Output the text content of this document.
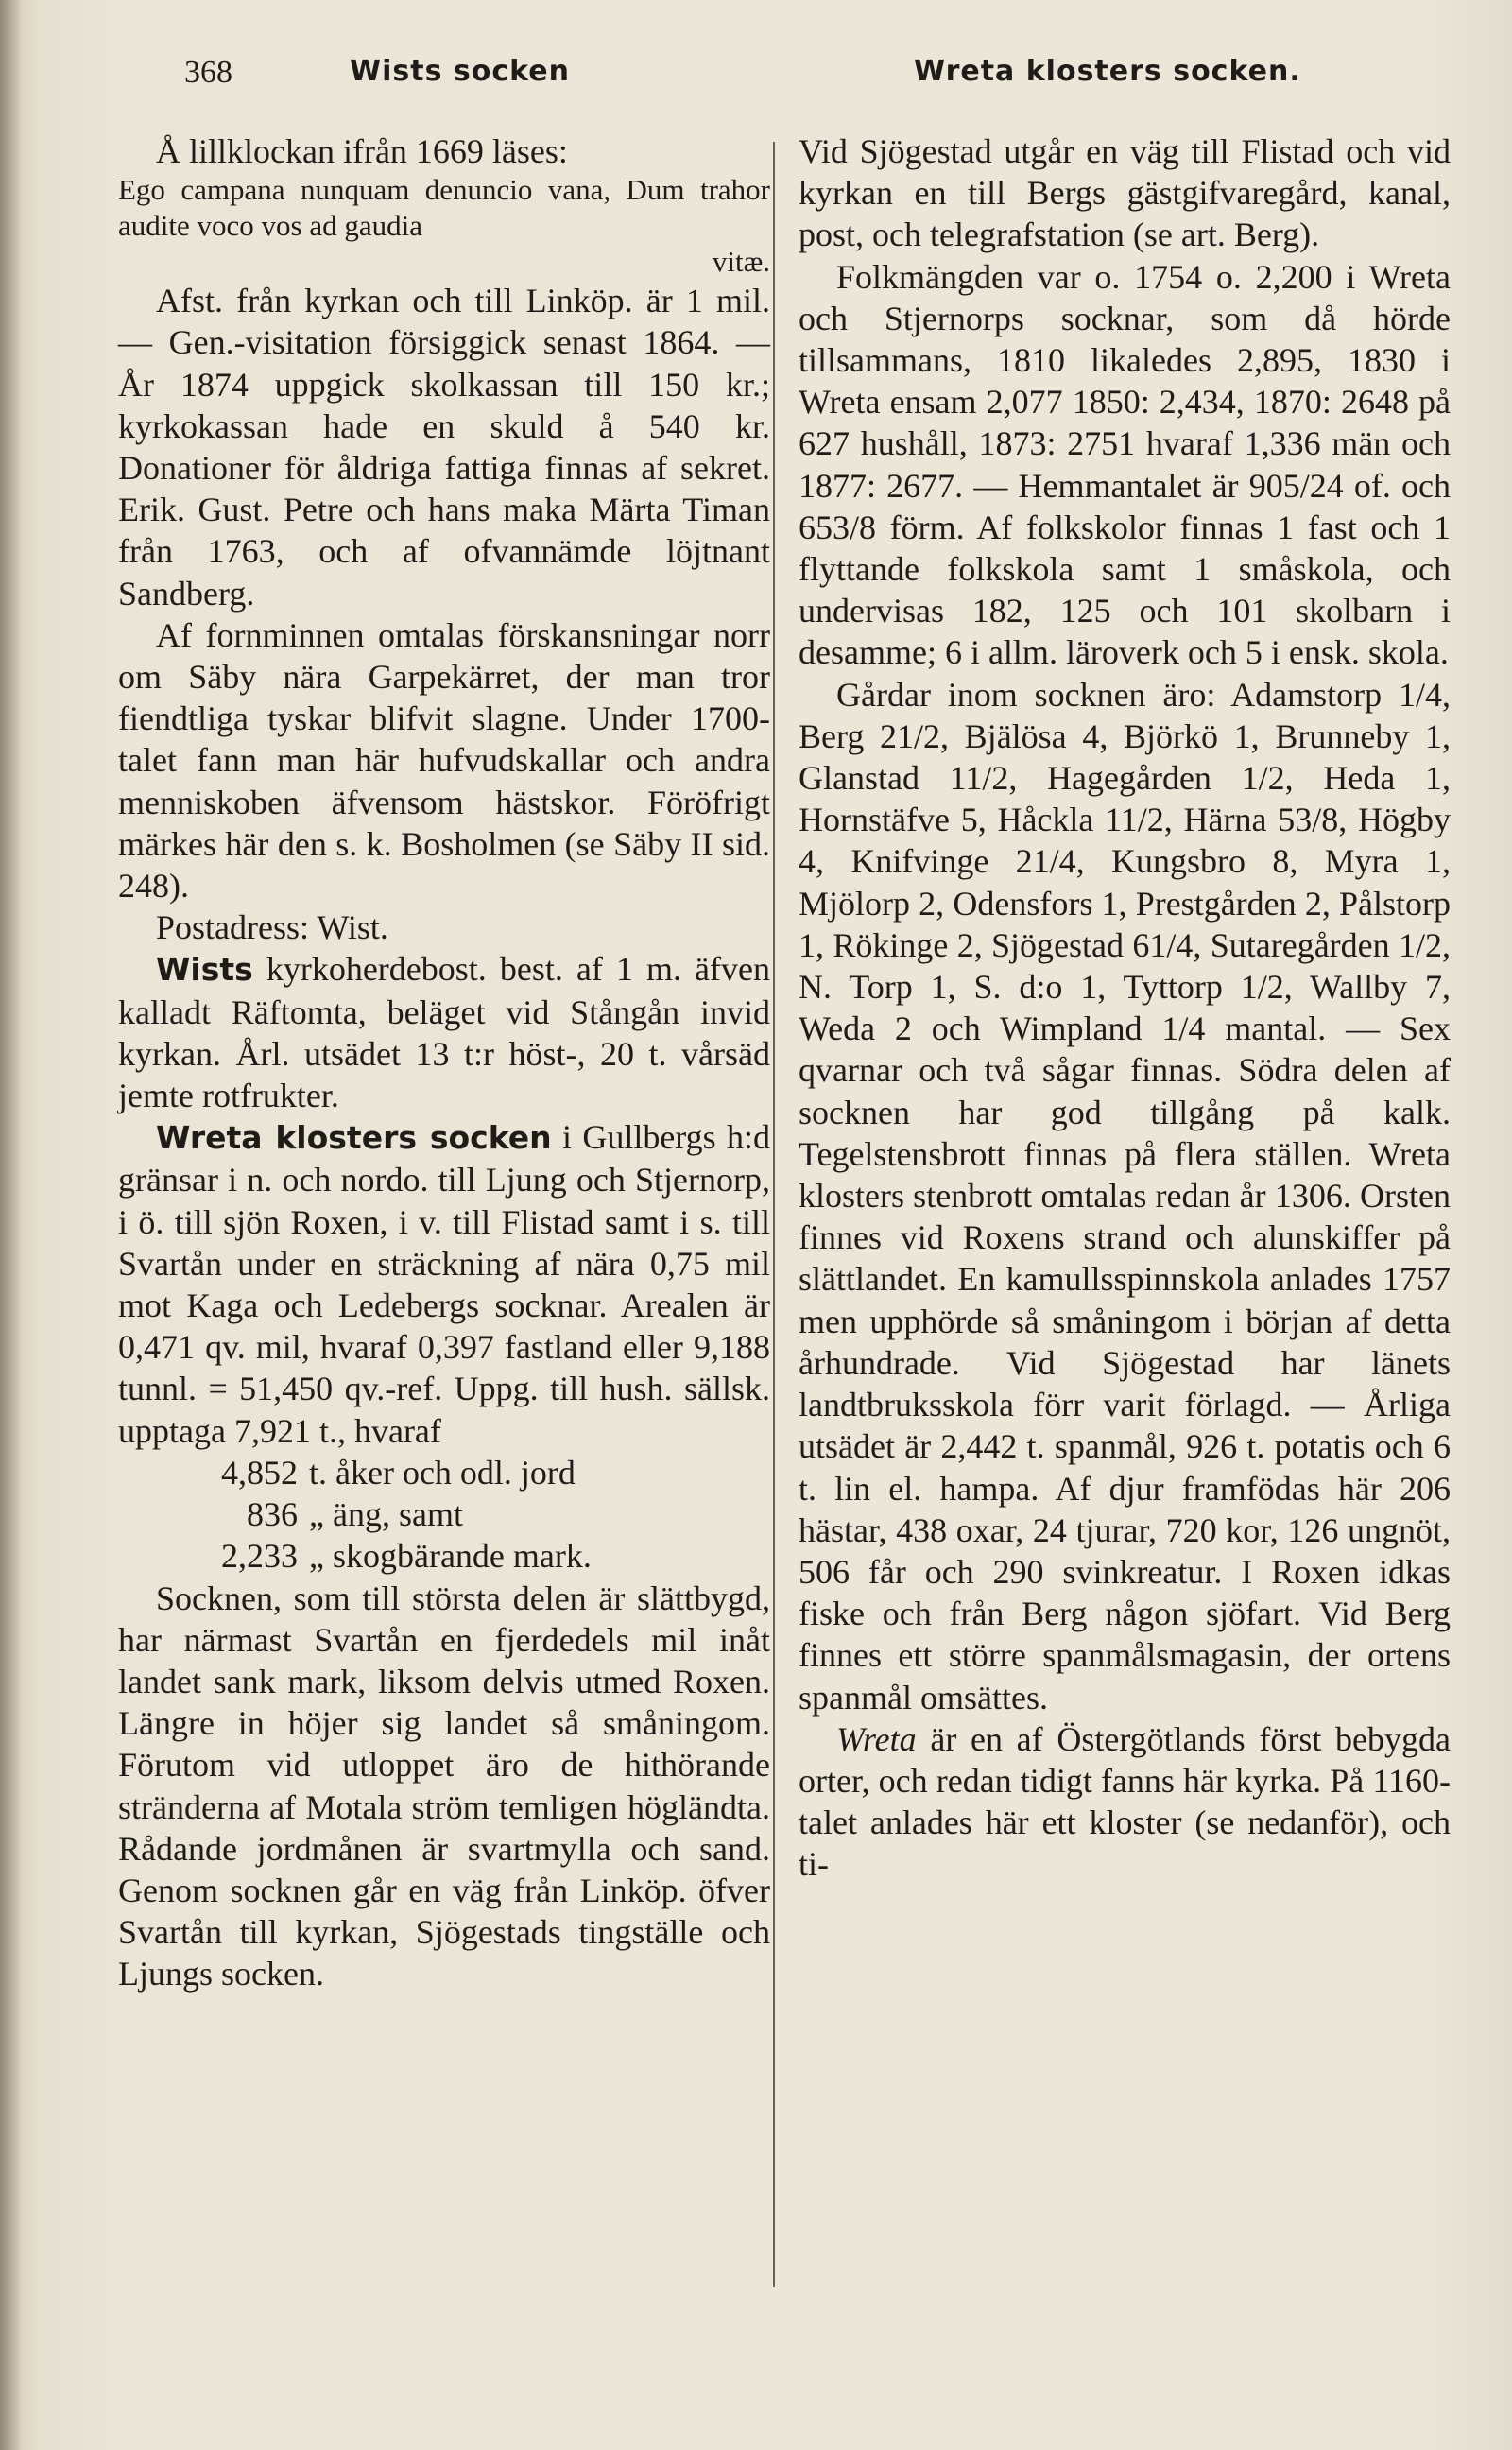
368	Wists socken	Wreta klosters socken.

Å lillklockan ifrån 1669 läses:

Ego campana nunquam denuncio vana, Dum trahor audite voco vos ad gaudia

vitæ.

Afst. från kyrkan och till Linköp. är 1 mil. — Gen.-visitation försiggick senast 1864. — År 1874 uppgick skolkassan till 150 kr.; kyrkokassan hade en skuld å 540 kr. Donationer för åldriga fattiga finnas af sekret. Erik. Gust. Petre och hans maka Märta Timan från 1763, och af ofvannämde löjtnant Sandberg.

Af fornminnen omtalas förskansningar norr om Säby nära Garpekärret, der man tror fiendtliga tyskar blifvit slagne. Under 1700-talet fann man här hufvudskallar och andra menniskoben äfvensom hästskor. Föröfrigt märkes här den s. k. Bosholmen (se Säby II sid. 248).

Postadress: Wist.

Wists kyrkoherdebost. best. af 1 m. äfven kalladt Räftomta, beläget vid Stångån invid kyrkan. Årl. utsädet 13 t:r höst-, 20 t. vårsäd jemte rotfrukter.

Wreta klosters socken i Gullbergs h:d gränsar i n. och nordo. till Ljung och Stjernorp, i ö. till sjön Roxen, i v. till Flistad samt i s. till Svartån under en sträckning af nära 0,75 mil mot Kaga och Ledebergs socknar. Arealen är 0,471 qv. mil, hvaraf 0,397 fastland eller 9,188 tunnl. = 51,450 qv.-ref. Uppg. till hush. sällsk. upptaga 7,921 t., hvaraf

4,852 t. åker och odl. jord

836 „ äng, samt

2,233 „ skogbärande mark.

Socknen, som till största delen är slättbygd, har närmast Svartån en fjerdedels mil inåt landet sank mark, liksom delvis utmed Roxen. Längre in höjer sig landet så småningom. Förutom vid utloppet äro de hithörande stränderna af Motala ström temligen högländta. Rådande jordmånen är svartmylla och sand. Genom socknen går en väg från Linköp. öfver Svartån till kyrkan, Sjögestads tingställe och Ljungs socken.

Vid Sjögestad utgår en väg till Flistad och vid kyrkan en till Bergs gästgifvaregård, kanal, post, och telegrafstation (se art. Berg).

Folkmängden var o. 1754 o. 2,200 i Wreta och Stjernorps socknar, som då hörde tillsammans, 1810 likaledes 2,895, 1830 i Wreta ensam 2,077 1850: 2,434, 1870: 2648 på 627 hushåll, 1873: 2751 hvaraf 1,336 män och 1877: 2677. — Hemmantalet är 905/24 of. och 653/8 förm. Af folkskolor finnas 1 fast och 1 flyttande folkskola samt 1 småskola, och undervisas 182, 125 och 101 skolbarn i desamme; 6 i allm. läroverk och 5 i ensk. skola.

Gårdar inom socknen äro: Adamstorp 1/4, Berg 21/2, Bjälösa 4, Björkö 1, Brunneby 1, Glanstad 11/2, Hagegården 1/2, Heda 1, Hornstäfve 5, Håckla 11/2, Härna 53/8, Högby 4, Knifvinge 21/4, Kungsbro 8, Myra 1, Mjölorp 2, Odensfors 1, Prestgården 2, Pålstorp 1, Rökinge 2, Sjögestad 61/4, Sutaregården 1/2, N. Torp 1, S. d:o 1, Tyttorp 1/2, Wallby 7, Weda 2 och Wimpland 1/4 mantal. — Sex qvarnar och två sågar finnas. Södra delen af socknen har god tillgång på kalk. Tegelstensbrott finnas på flera ställen. Wreta klosters stenbrott omtalas redan år 1306. Orsten finnes vid Roxens strand och alunskiffer på slättlandet. En kamullsspinnskola anlades 1757 men upphörde så småningom i början af detta århundrade. Vid Sjögestad har länets landtbruksskola förr varit förlagd. — Årliga utsädet är 2,442 t. spanmål, 926 t. potatis och 6 t. lin el. hampa. Af djur framfödas här 206 hästar, 438 oxar, 24 tjurar, 720 kor, 126 ungnöt, 506 får och 290 svinkreatur. I Roxen idkas fiske och från Berg någon sjöfart. Vid Berg finnes ett större spanmålsmagasin, der ortens spanmål omsättes.

Wreta är en af Östergötlands först bebygda orter, och redan tidigt fanns här kyrka. På 1160-talet anlades här ett kloster (se nedanför), och ti-
